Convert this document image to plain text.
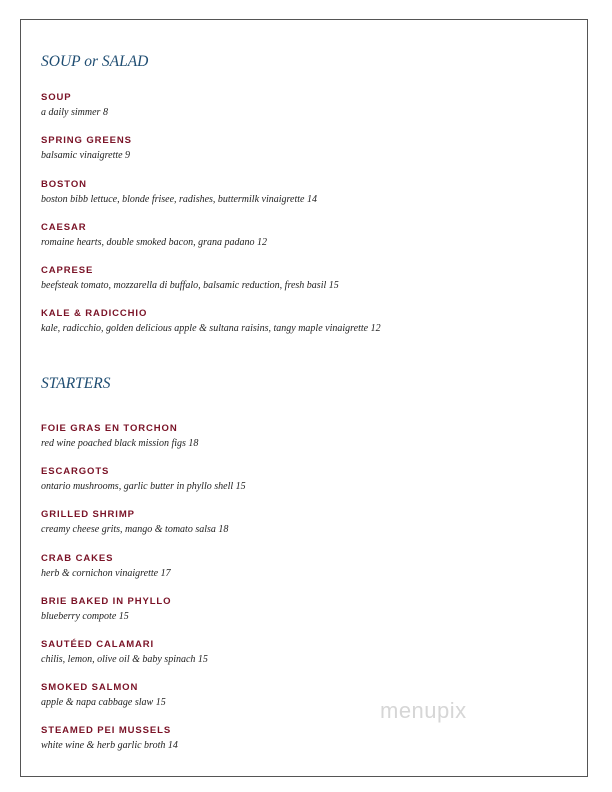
SOUP or SALAD
SOUP
a daily simmer 8
SPRING GREENS
balsamic vinaigrette 9
BOSTON
boston bibb lettuce, blonde frisee, radishes, buttermilk vinaigrette 14
CAESAR
romaine hearts, double smoked bacon, grana padano 12
CAPRESE
beefsteak tomato, mozzarella di buffalo, balsamic reduction, fresh basil 15
KALE & RADICCHIO
kale, radicchio, golden delicious apple & sultana raisins, tangy maple vinaigrette 12
STARTERS
FOIE GRAS EN TORCHON
red wine poached black mission figs 18
ESCARGOTS
ontario mushrooms, garlic butter in phyllo shell 15
GRILLED SHRIMP
creamy cheese grits, mango & tomato salsa 18
CRAB CAKES
herb & cornichon vinaigrette 17
BRIE BAKED IN PHYLLO
blueberry compote 15
SAUTÉED CALAMARI
chilis, lemon, olive oil & baby spinach 15
SMOKED SALMON
apple & napa cabbage slaw 15
STEAMED PEI MUSSELS
white wine & herb garlic broth 14
menupix
